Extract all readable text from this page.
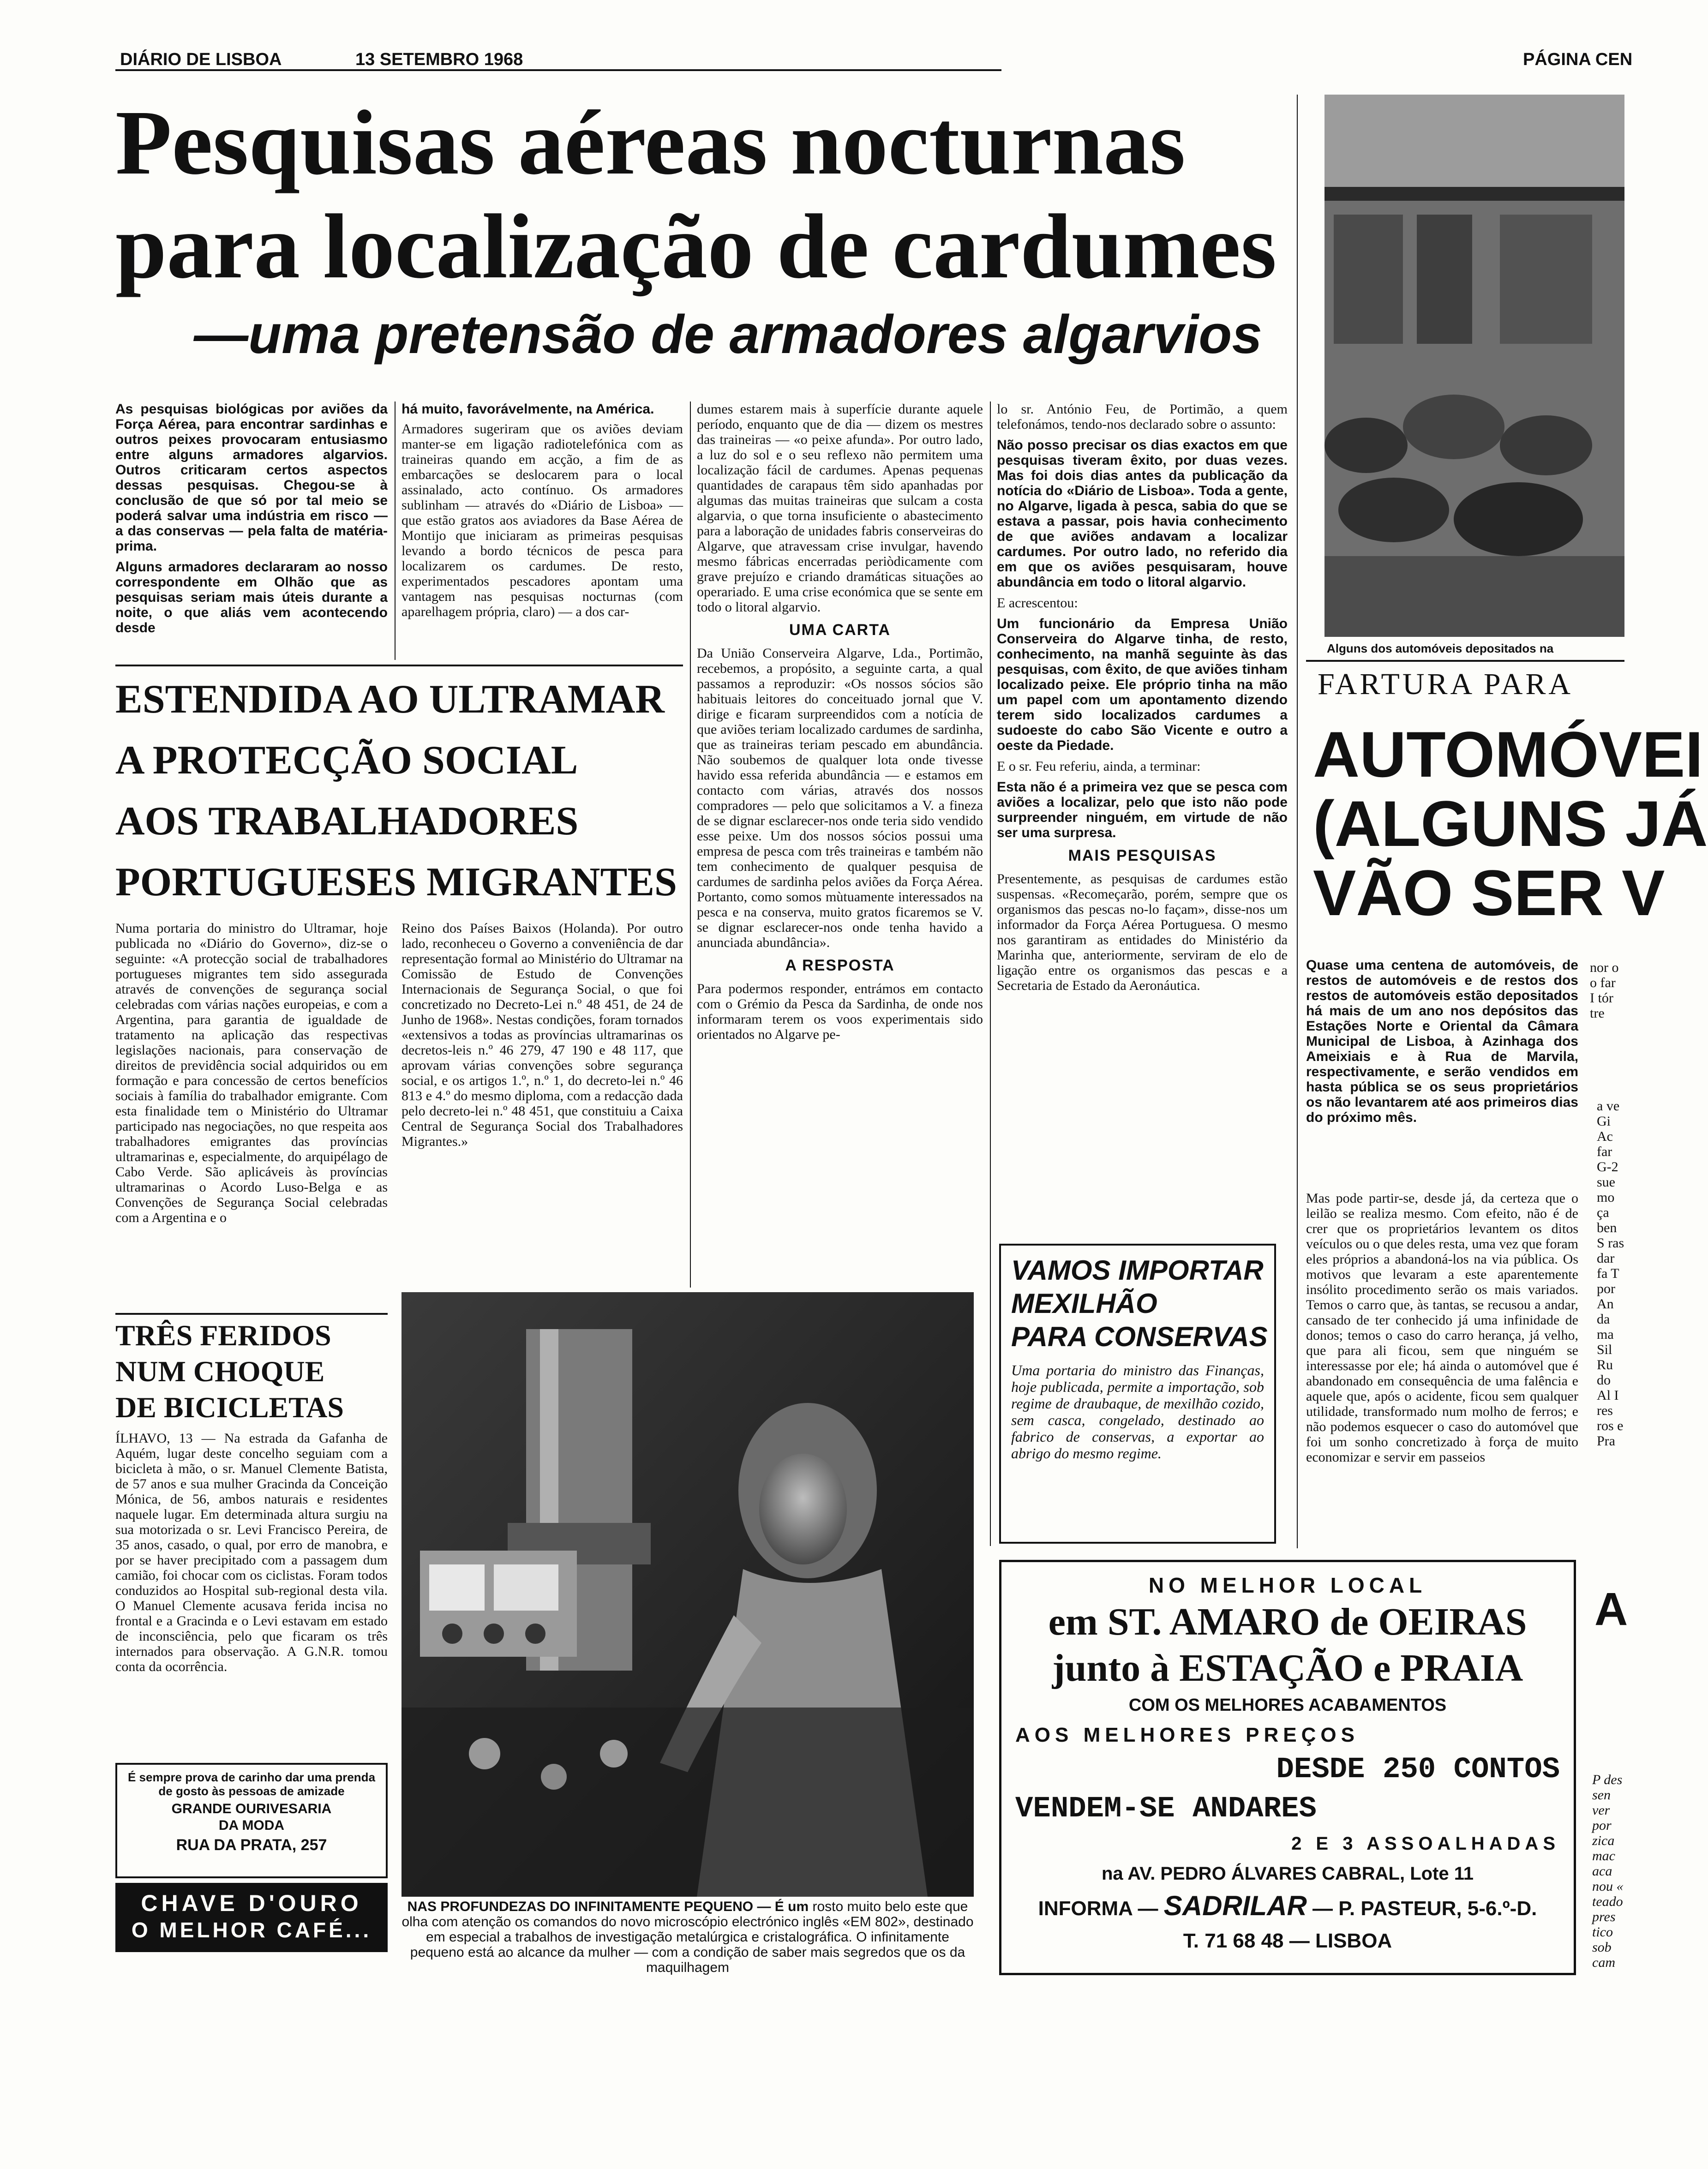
DIÁRIO DE LISBOA	13 SETEMBRO 1968	PÁGINA CEN
Pesquisas aéreas nocturnas
para localização de cardumes
—uma pretensão de armadores algarvios
As pesquisas biológicas por aviões da Força Aérea, para encontrar sardinhas e outros peixes provocaram entusiasmo entre alguns armadores algarvios. Outros criticaram certos aspectos dessas pesquisas. Chegou-se à conclusão de que só por tal meio se poderá salvar uma indústria em risco — a das conservas — pela falta de matéria-prima.
Alguns armadores declararam ao nosso correspondente em Olhão que as pesquisas seriam mais úteis durante a noite, o que aliás vem acontecendo desde
há muito, favorávelmente, na América.
Armadores sugeriram que os aviões deviam manter-se em ligação radiotelefónica com as traineiras quando em acção, a fim de as embarcações se deslocarem para o local assinalado, acto contínuo. Os armadores sublinham — através do «Diário de Lisboa» — que estão gratos aos aviadores da Base Aérea de Montijo que iniciaram as primeiras pesquisas levando a bordo técnicos de pesca para localizarem os cardumes. De resto, experimentados pescadores apontam uma vantagem nas pesquisas nocturnas (com aparelhagem própria, claro) — a dos car-
dumes estarem mais à superfície durante aquele período, enquanto que de dia — dizem os mestres das traineiras — «o peixe afunda». Por outro lado, a luz do sol e o seu reflexo não permitem uma localização fácil de cardumes. Apenas pequenas quantidades de carapaus têm sido apanhadas por algumas das muitas traineiras que sulcam a costa algarvia, o que torna insuficiente o abastecimento para a laboração de unidades fabris conserveiras do Algarve, que atravessam crise invulgar, havendo mesmo fábricas encerradas periòdicamente com grave prejuízo e criando dramáticas situações ao operariado. E uma crise económica que se sente em todo o litoral algarvio.
UMA CARTA
Da União Conserveira Algarve, Lda., Portimão, recebemos, a propósito, a seguinte carta, a qual passamos a reproduzir: «Os nossos sócios são habituais leitores do conceituado jornal que V. dirige e ficaram surpreendidos com a notícia de que aviões teriam localizado cardumes de sardinha, que as traineiras teriam pescado em abundância. Não soubemos de qualquer lota onde tivesse havido essa referida abundância — e estamos em contacto com várias, através dos nossos compradores — pelo que solicitamos a V. a fineza de se dignar esclarecer-nos onde teria sido vendido esse peixe. Um dos nossos sócios possui uma empresa de pesca com três traineiras e também não tem conhecimento de qualquer pesquisa de cardumes de sardinha pelos aviões da Força Aérea. Portanto, como somos mùtuamente interessados na pesca e na conserva, muito gratos ficaremos se V. se dignar esclarecer-nos onde tenha havido a anunciada abundância».
A RESPOSTA
Para podermos responder, entrámos em contacto com o Grémio da Pesca da Sardinha, de onde nos informaram terem os voos experimentais sido orientados no Algarve pe-
lo sr. António Feu, de Portimão, a quem telefonámos, tendo-nos declarado sobre o assunto:
Não posso precisar os dias exactos em que pesquisas tiveram êxito, por duas vezes. Mas foi dois dias antes da publicação da notícia do «Diário de Lisboa». Toda a gente, no Algarve, ligada à pesca, sabia do que se estava a passar, pois havia conhecimento de que aviões andavam a localizar cardumes. Por outro lado, no referido dia em que os aviões pesquisaram, houve abundância em todo o litoral algarvio.
E acrescentou:
Um funcionário da Empresa União Conserveira do Algarve tinha, de resto, conhecimento, na manhã seguinte às das pesquisas, com êxito, de que aviões tinham localizado peixe. Ele próprio tinha na mão um papel com um apontamento dizendo terem sido localizados cardumes a sudoeste do cabo São Vicente e outro a oeste da Piedade.
E o sr. Feu referiu, ainda, a terminar:
Esta não é a primeira vez que se pesca com aviões a localizar, pelo que isto não pode surpreender ninguém, em virtude de não ser uma surpresa.
MAIS PESQUISAS
Presentemente, as pesquisas de cardumes estão suspensas. «Recomeçarão, porém, sempre que os organismos das pescas no-lo façam», disse-nos um informador da Força Aérea Portuguesa. O mesmo nos garantiram as entidades do Ministério da Marinha que, anteriormente, serviram de elo de ligação entre os organismos das pescas e a Secretaria de Estado da Aeronáutica.
ESTENDIDA AO ULTRAMAR
A PROTECÇÃO SOCIAL
AOS TRABALHADORES
PORTUGUESES MIGRANTES
Numa portaria do ministro do Ultramar, hoje publicada no «Diário do Governo», diz-se o seguinte: «A protecção social de trabalhadores portugueses migrantes tem sido assegurada através de convenções de segurança social celebradas com várias nações europeias, e com a Argentina, para garantia de igualdade de tratamento na aplicação das respectivas legislações nacionais, para conservação de direitos de previdência social adquiridos ou em formação e para concessão de certos benefícios sociais à família do trabalhador emigrante. Com esta finalidade tem o Ministério do Ultramar participado nas negociações, no que respeita aos trabalhadores emigrantes das províncias ultramarinas e, especialmente, do arquipélago de Cabo Verde. São aplicáveis às províncias ultramarinas o Acordo Luso-Belga e as Convenções de Segurança Social celebradas com a Argentina e o
Reino dos Países Baixos (Holanda). Por outro lado, reconheceu o Governo a conveniência de dar representação formal ao Ministério do Ultramar na Comissão de Estudo de Convenções Internacionais de Segurança Social, o que foi concretizado no Decreto-Lei n.º 48 451, de 24 de Junho de 1968». Nestas condições, foram tornados «extensivos a todas as províncias ultramarinas os decretos-leis n.º 46 279, 47 190 e 48 117, que aprovam várias convenções sobre segurança social, e os artigos 1.º, n.º 1, do decreto-lei n.º 46 813 e 4.º do mesmo diploma, com a redacção dada pelo decreto-lei n.º 48 451, que constituiu a Caixa Central de Segurança Social dos Trabalhadores Migrantes.»
TRÊS FERIDOS
NUM CHOQUE
DE BICICLETAS
ÍLHAVO, 13 — Na estrada da Gafanha de Aquém, lugar deste concelho seguiam com a bicicleta à mão, o sr. Manuel Clemente Batista, de 57 anos e sua mulher Gracinda da Conceição Mónica, de 56, ambos naturais e residentes naquele lugar. Em determinada altura surgiu na sua motorizada o sr. Levi Francisco Pereira, de 35 anos, casado, o qual, por erro de manobra, e por se haver precipitado com a passagem dum camião, foi chocar com os ciclistas. Foram todos conduzidos ao Hospital sub-regional desta vila. O Manuel Clemente acusava ferida incisa no frontal e a Gracinda e o Levi estavam em estado de inconsciência, pelo que ficaram os três internados para observação. A G.N.R. tomou conta da ocorrência.
É sempre prova de carinho dar uma prenda de gosto às pessoas de amizade
GRANDE OURIVESARIA
DA MODA
RUA DA PRATA, 257
CHAVE D'OURO
O MELHOR CAFÉ...
NAS PROFUNDEZAS DO INFINITAMENTE PEQUENO — É um rosto muito belo este que olha com atenção os comandos do novo microscópio electrónico inglês «EM 802», destinado em especial a trabalhos de investigação metalúrgica e cristalográfica. O infinitamente pequeno está ao alcance da mulher — com a condição de saber mais segredos que os da maquilhagem
VAMOS IMPORTAR
MEXILHÃO
PARA CONSERVAS
Uma portaria do ministro das Finanças, hoje publicada, permite a importação, sob regime de draubaque, de mexilhão cozido, sem casca, congelado, destinado ao fabrico de conservas, a exportar ao abrigo do mesmo regime.
NO MELHOR LOCAL
em ST. AMARO de OEIRAS
junto à ESTAÇÃO e PRAIA
COM OS MELHORES ACABAMENTOS
AOS MELHORES PREÇOS
DESDE 250 CONTOS
VENDEM-SE ANDARES
2 E 3 ASSOALHADAS
na AV. PEDRO ÁLVARES CABRAL, Lote 11
INFORMA — SADRILAR — P. PASTEUR, 5-6.º-D.
T. 71 68 48 — LISBOA
Alguns dos automóveis depositados na
FARTURA PARA
AUTOMÓVEI
(ALGUNS JÁ
VÃO SER V
Quase uma centena de automóveis, de restos de automóveis e de restos dos restos de automóveis estão depositados há mais de um ano nos depósitos das Estações Norte e Oriental da Câmara Municipal de Lisboa, à Azinhaga dos Ameixiais e à Rua de Marvila, respectivamente, e serão vendidos em hasta pública se os seus proprietários os não levantarem até aos primeiros dias do próximo mês.
Mas pode partir-se, desde já, da certeza que o leilão se realiza mesmo. Com efeito, não é de crer que os proprietários levantem os ditos veículos ou o que deles resta, uma vez que foram eles próprios a abandoná-los na via pública. Os motivos que levaram a este aparentemente insólito procedimento serão os mais variados. Temos o carro que, às tantas, se recusou a andar, cansado de ter conhecido já uma infinidade de donos; temos o caso do carro herança, já velho, que para ali ficou, sem que ninguém se interessasse por ele; há ainda o automóvel que é abandonado em consequência de uma falência e aquele que, após o acidente, ficou sem qualquer utilidade, transformado num molho de ferros; e não podemos esquecer o caso do automóvel que foi um sonho concretizado à força de muito economizar e servir em passeios
nor o o far I tór tre
a ve Gi Ac far G-2 sue mo ça ben S ras dar fa T por An da ma Sil Ru do Al I res ros e Pra
A
P des sen ver por zica mac aca nou « teado pres tico sob cam
